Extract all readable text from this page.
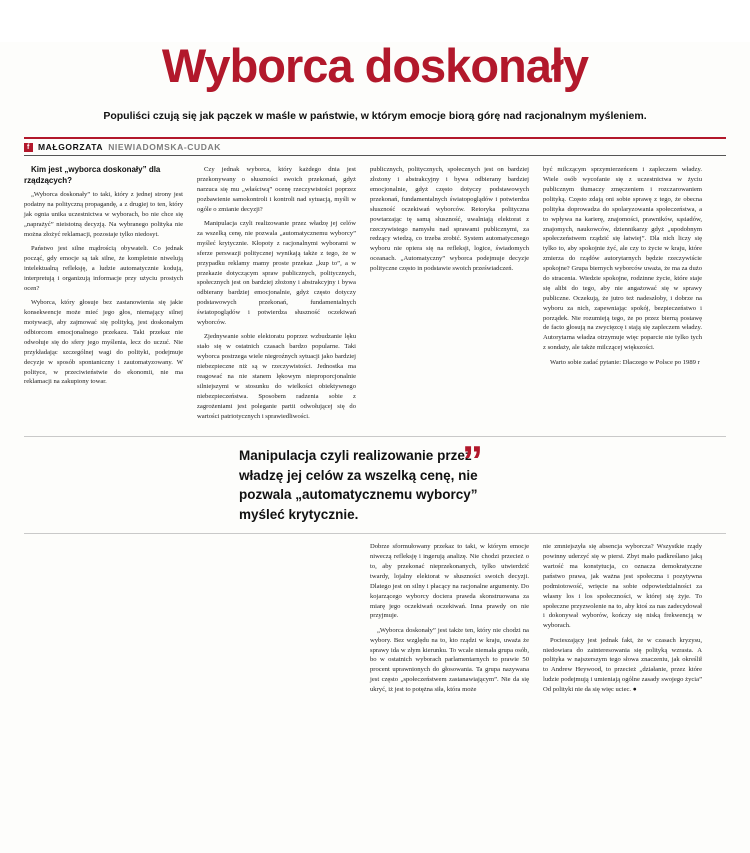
Wyborca doskonały
Populiści czują się jak pączek w maśle w państwie, w którym emocje biorą górę nad racjonalnym myśleniem.
f MAŁGORZATA NIEWIADOMSKA-CUDAK

Kim jest „wyborca doskonały” dla rządzących?

„Wyborca doskonały” to taki, który z jednej strony jest podatny na polityczną propagandę, a z drugiej to ten, który jak ognia unika uczestnictwa w wyborach, bo nie chce się „naprażyć” nieistotną decyzją. Na wybranego polityka nie można złożyć reklamacji, pozostaje tylko niedosyt.

Państwo jest silne mądrością obywateli. Co jednak począć, gdy emocje są tak silne, że kompletnie niwelują intelektualną refleksję, a ludzie automatycznie kodują, interpretują i organizują informacje przy użyciu prostych ocen?

Wyborca, który głosuje bez zastanowienia się jakie konsekwencje może mieć jego głos, niemający silnej motywacji, aby zajmować się polityką, jest doskonałym odbiorcom emocjonalnego przekazu. Taki przekaz nie odwołuje się do sfery jego myślenia, lecz do uczuć. Nie przykładając szczególnej wagi do polityki, podejmuje decyzje w sposób spontaniczny i zautomatyzowany. W polityce, w przeciwieństwie do ekonomii, nie ma reklamacji na zakupiony towar.

Czy jednak wyborca, który każdego dnia jest przekonywany o słuszności swoich przekonań, gdyż narzuca się mu „właściwą” ocenę rzeczywistości poprzez pozbawienie samokontroli i kontroli nad sytuacją, myśli w ogóle o zmianie decyzji?

Manipulacja czyli realizowanie przez władzę jej celów za wszelką cenę, nie pozwala „automatycznemu wyborcy” myśleć krytycznie. Kłopoty z racjonalnymi wyborami w sferze perswazji politycznej wynikają także z tego, że w przypadku reklamy mamy proste przekaz „kup to”, a w przekazie dotyczącym spraw publicznych, politycznych, społecznych jest on bardziej złożony i abstrakcyjny i bywa odbierany bardziej emocjonalnie, gdyż często dotyczy podstawowych przekonań, fundamentalnych światopoglądów i potwierdza słuszność oczekiwań wyborców.

Zjednywanie sobie elektoratu poprzez wzbudzanie lęku stało się w ostatnich czasach bardzo popularne. Taki wyborca postrzega wiele niegroźnych sytuacji jako bardziej niebezpieczne niż są w rzeczywistości. Jednostka ma reagować na nie stanem lękowym nieproporcjonalnie silniejszymi w stosunku do wielkości obiektywnego niebezpieczeństwa. Sposobem radzenia sobie z zagrożeniami jest poleganie partii odwołującej się do wartości patriotycznych i sprawiedliwości.

publicznych, politycznych, społecznych jest on bardziej złożony i abstrakcyjny i bywa odbierany bardziej emocjonalnie, gdyż często dotyczy podstawowych przekonań, fundamentalnych światopoglądów i potwierdza słuszność oczekiwań wyborców. Retoryka polityczna powtarzając tę samą słuszność, uwalniają elektorat z rzeczywistego namysłu nad sprawami publicznymi, za redzący wiedzą, co trzeba zrobić. System automatycznego wyboru nie opiera się na refleksji, logice, świadomych oceanach. „Automatyczny” wyborca podejmuje decyzje polityczne często in podstawie swoich przeświadczeń.

być milczącym sprzymierzeńcem i zapleczem władzy. Wiele osób wycofanie się z uczestnictwa w życiu publicznym tłumaczy zmęczeniem i rozczarowaniem polityką. Często zdają oni sobie sprawę z tego, że obecna polityka doprowadza do spolaryzowania społeczeństwa, a to wpływa na karierę, znajomości, prawników, sąsiadów, znajomych, naukowców, dziennikarzy gdyż „upodobnym społeczeństwem rządzić się łatwiej”. Dla nich liczy się tylko to, aby spokojnie żyć, ale czy to życie w kraju, które zmierza do rządów autorytarnych będzie rzeczywiście spokojne? Grupa biernych wyborców uważa, że ma za dużo do stracenia. Wiedzie spokojne, rodzinne życie, które staje się alibi do tego, aby nie angażować się w sprawy publiczne. Oczekują, że jutro też nadeszłoby, i dobrze na wyboru za nich, zapewniając spokój, bezpieczeństwo i porządek. Nie rozumieją tego, że po przez bierną postawę de facto głosują na zwycięzcę i stają się zapleczem władzy. Autorytarna władza otrzymuje więc poparcie nie tylko tych z sondaży, ale także milczącej większości.

Warto sobie zadać pytanie: Dlaczego w Polsce po 1989 r

Manipulacja czyli realizowanie przez władzę jej celów za wszelką cenę, nie pozwala „automatycznemu wyborcy” myśleć krytycznie.
”

Dobrze sformułowany przekaz to taki, w którym emocje niweczą refleksję i ingerują analizę. Nie chodzi przecież o to, aby przekonać nieprzekonanych, tylko utwierdzić twardy, lojalny elektorat w słuszności swoich decyzji. Dlatego jest on silny i płacący na racjonalne argumenty. Do kojarzącego wyborcy dociera prawda skonstruowana za miarę jego oczekiwań oczekiwań. Inna prawdy on nie przyjmuje.

„Wyborca doskonały” jest także ten, który nie chodzi na wybory. Bez względu na to, kto rządzi w kraju, uważa że sprawy ida w złym kierunku. To wcale niemała grupa osób, bo w ostatnich wyborach parlamentarnych to prawie 50 procent uprawnionych do głosowania. Ta grupa nazywana jest często „społeczeństwem zastanawiającym”. Nie da się ukryć, iż jest to potężna siła, która może

nie zmniejszyła się absencja wyborcza? Wszystkie rządy powinny uderzyć się w piersi. Zbyt mało padkreślano jaką wartość ma konstytucja, co oznacza demokratyczne państwo prawa, jak ważna jest społeczna i pozytywna podmiotowość, wrięcie na sobie odpowiedzialności za własny los i los społeczności, w której się żyje. To społeczne przyzwolenie na to, aby ktoś za nas zadecydował i dokonywał wyborów, kończy się niską frekwencją w wyborach.

Pocieszający jest jednak fakt, że w czasach kryzysu, niedowiara do zainteresowania się polityką wzrasta. A polityka w najszerszym tego słowa znaczeniu, jak określił to Andrew Heywood, to przecież „działanie, przez które ludzie podejmują i umieniają ogólne zasady swojego życia” Od polityki nie da się więc uciec. ●
